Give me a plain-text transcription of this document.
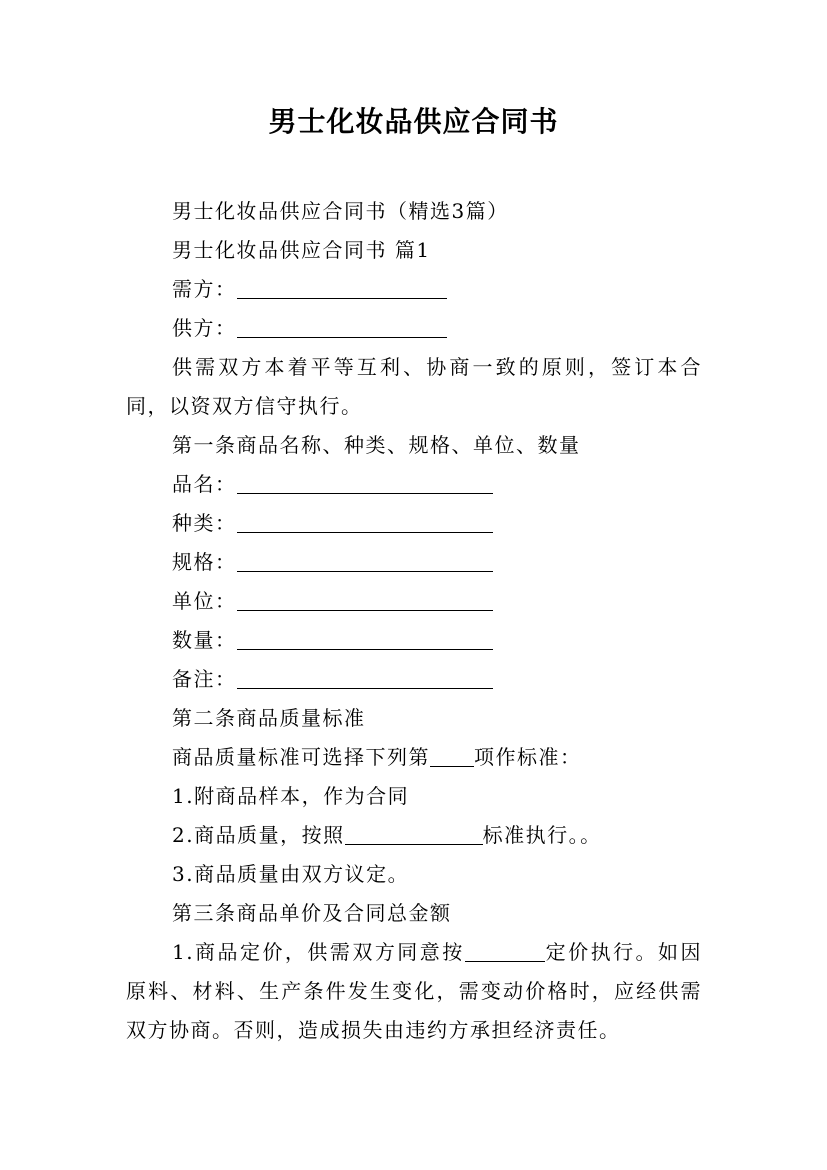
男士化妆品供应合同书

男士化妆品供应合同书（精选3篇）

男士化妆品供应合同书 篇1

需方：

供方：

供需双方本着平等互利、协商一致的原则，签订本合同，以资双方信守执行。

第一条商品名称、种类、规格、单位、数量

品名：

种类：

规格：

单位：

数量：

备注：

第二条商品质量标准

商品质量标准可选择下列第 项作标准：

1.附商品样本，作为合同

2.商品质量，按照	标准执行。。

3.商品质量由双方议定。

第三条商品单价及合同总金额

1.商品定价，供需双方同意按	定价执行。如因原料、材料、生产条件发生变化，需变动价格时，应经供需双方协商。否则，造成损失由违约方承担经济责任。
